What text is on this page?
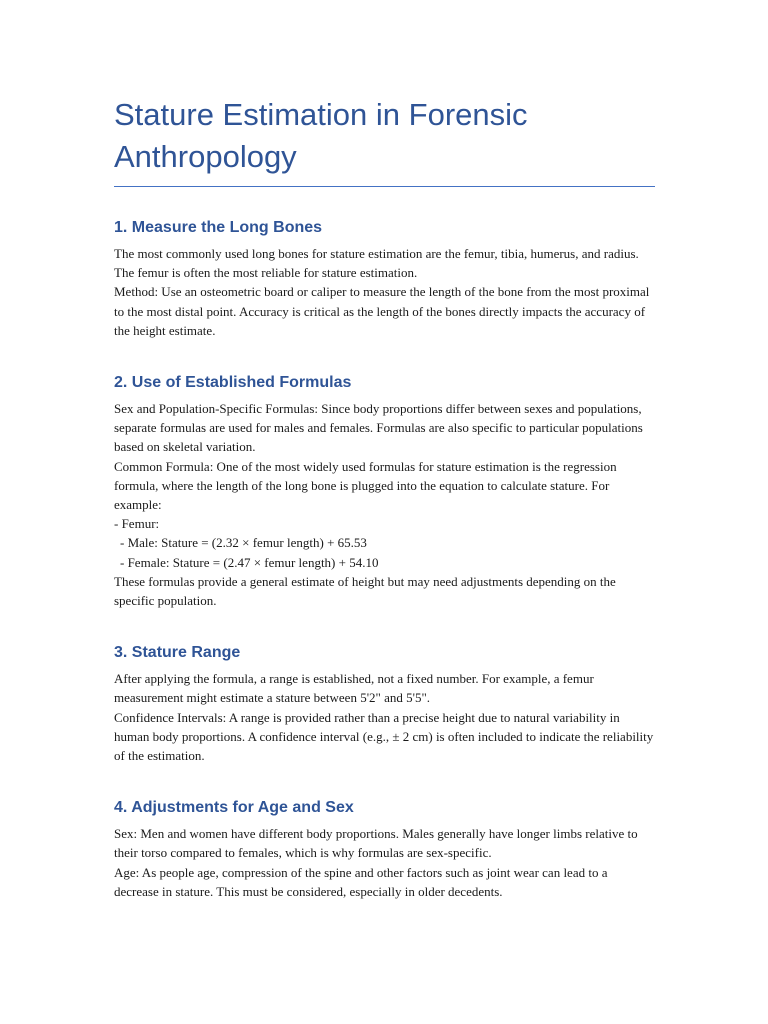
Stature Estimation in Forensic
Anthropology
1. Measure the Long Bones

The most commonly used long bones for stature estimation are the femur, tibia, humerus, and radius. The femur is often the most reliable for stature estimation.

Method: Use an osteometric board or caliper to measure the length of the bone from the most proximal to the most distal point. Accuracy is critical as the length of the bones directly impacts the accuracy of the height estimate.

2. Use of Established Formulas

Sex and Population-Specific Formulas: Since body proportions differ between sexes and populations, separate formulas are used for males and females. Formulas are also specific to particular populations based on skeletal variation.

Common Formula: One of the most widely used formulas for stature estimation is the regression formula, where the length of the long bone is plugged into the equation to calculate stature. For example:

- Femur:

- Male: Stature = (2.32 × femur length) + 65.53

- Female: Stature = (2.47 × femur length) + 54.10

These formulas provide a general estimate of height but may need adjustments depending on the specific population.

3. Stature Range

After applying the formula, a range is established, not a fixed number. For example, a femur measurement might estimate a stature between 5'2" and 5'5".

Confidence Intervals: A range is provided rather than a precise height due to natural variability in human body proportions. A confidence interval (e.g., ± 2 cm) is often included to indicate the reliability of the estimation.

4. Adjustments for Age and Sex

Sex: Men and women have different body proportions. Males generally have longer limbs relative to their torso compared to females, which is why formulas are sex-specific.

Age: As people age, compression of the spine and other factors such as joint wear can lead to a decrease in stature. This must be considered, especially in older decedents.
